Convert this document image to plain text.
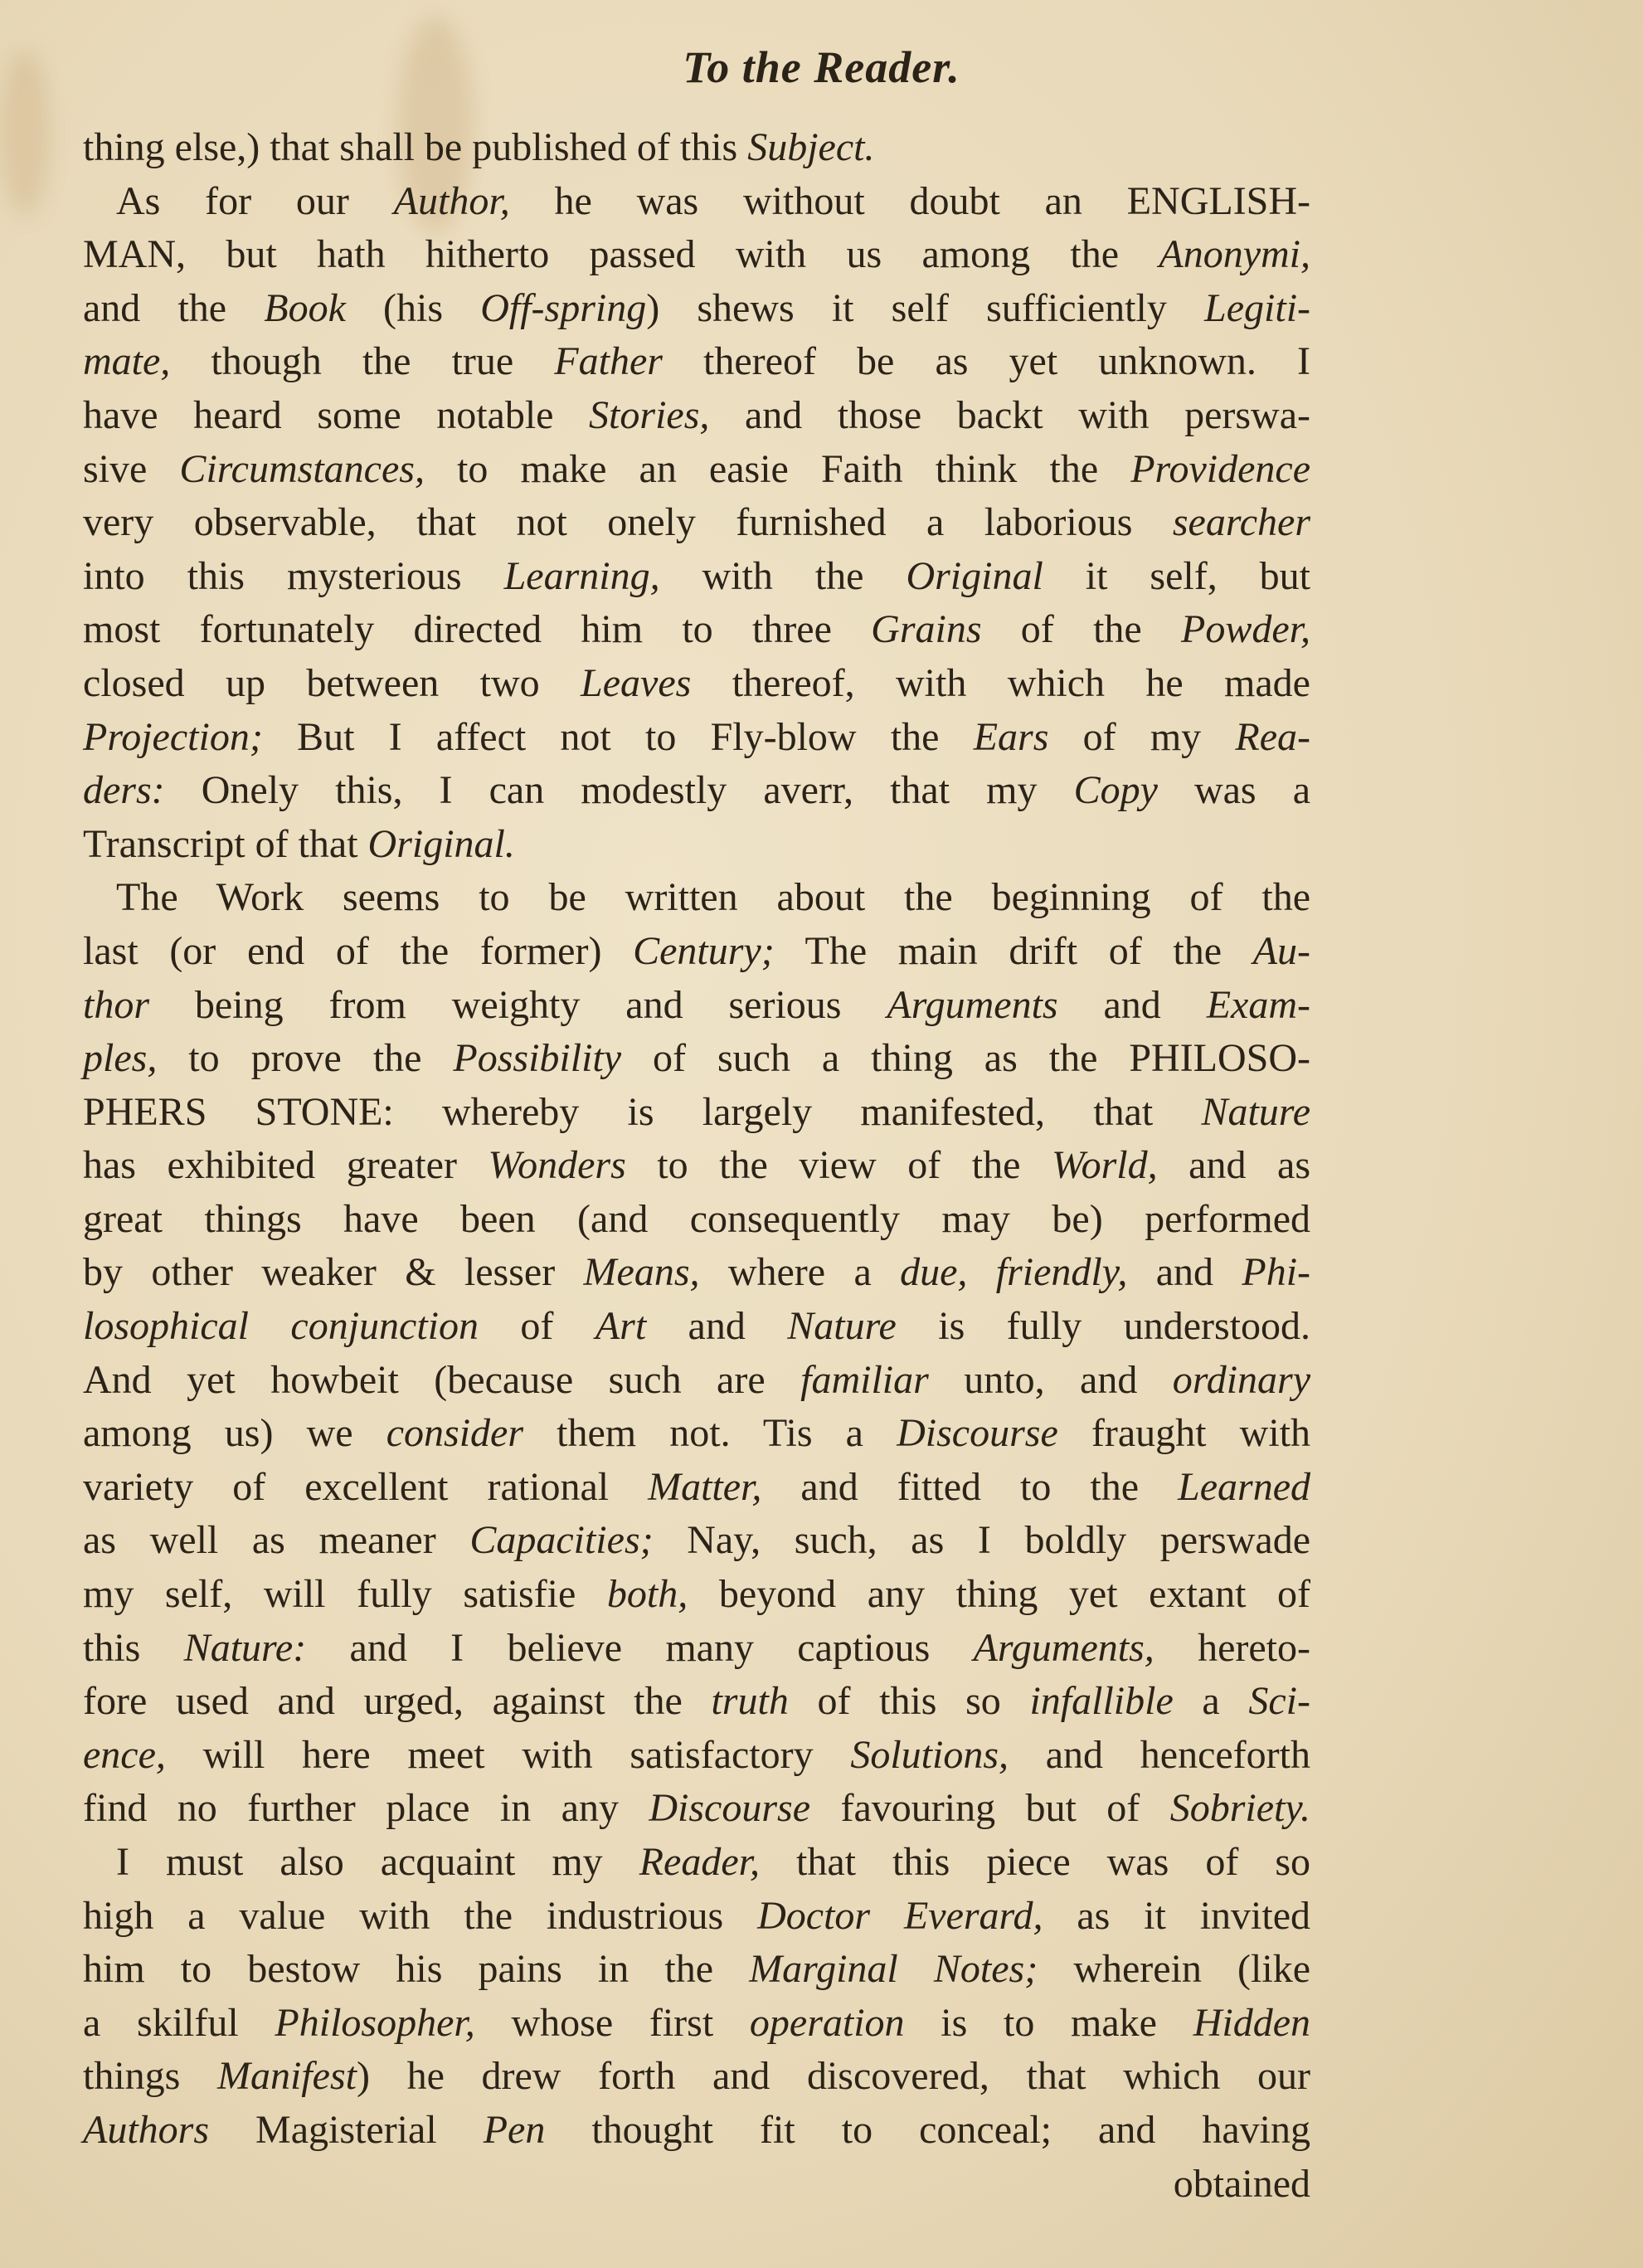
To the Reader.
thing else,) that shall be published of this Subject.
As for our Author, he was without doubt an ENGLISH-
MAN, but hath hitherto passed with us among the Anonymi,
and the Book (his Off-spring) shews it self sufficiently Legiti-
mate, though the true Father thereof be as yet unknown. I
have heard some notable Stories, and those backt with perswa-
sive Circumstances, to make an easie Faith think the Providence
very observable, that not onely furnished a laborious searcher
into this mysterious Learning, with the Original it self, but
most fortunately directed him to three Grains of the Powder,
closed up between two Leaves thereof, with which he made
Projection; But I affect not to Fly-blow the Ears of my Rea-
ders: Onely this, I can modestly averr, that my Copy was a
Transcript of that Original.
The Work seems to be written about the beginning of the
last (or end of the former) Century; The main drift of the Au-
thor being from weighty and serious Arguments and Exam-
ples, to prove the Possibility of such a thing as the PHILOSO-
PHERS STONE: whereby is largely manifested, that Nature
has exhibited greater Wonders to the view of the World, and as
great things have been (and consequently may be) performed
by other weaker & lesser Means, where a due, friendly, and Phi-
losophical conjunction of Art and Nature is fully understood.
And yet howbeit (because such are familiar unto, and ordinary
among us) we consider them not. Tis a Discourse fraught with
variety of excellent rational Matter, and fitted to the Learned
as well as meaner Capacities; Nay, such, as I boldly perswade
my self, will fully satisfie both, beyond any thing yet extant of
this Nature: and I believe many captious Arguments, hereto-
fore used and urged, against the truth of this so infallible a Sci-
ence, will here meet with satisfactory Solutions, and henceforth
find no further place in any Discourse favouring but of Sobriety.
I must also acquaint my Reader, that this piece was of so
high a value with the industrious Doctor Everard, as it invited
him to bestow his pains in the Marginal Notes; wherein (like
a skilful Philosopher, whose first operation is to make Hidden
things Manifest) he drew forth and discovered, that which our
Authors Magisterial Pen thought fit to conceal; and having
obtained
